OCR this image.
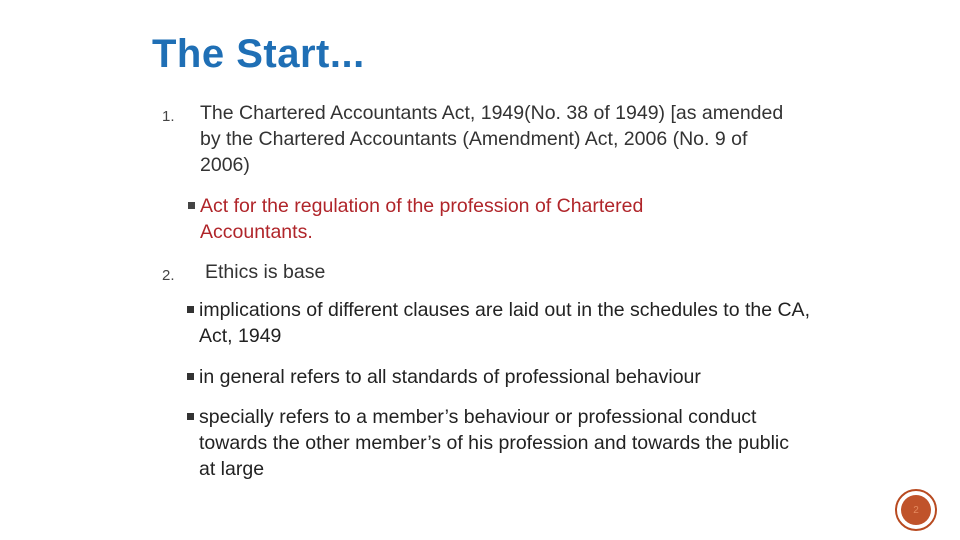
The Start...
1. The Chartered Accountants Act, 1949(No. 38 of 1949) [as amended by the Chartered Accountants (Amendment) Act, 2006 (No. 9 of 2006)
Act for the regulation of the profession of Chartered Accountants.
2. Ethics is base
implications of different clauses are laid out in the schedules to the CA, Act, 1949
in general refers to all standards of professional behaviour
specially refers to a member’s behaviour or professional conduct towards the other member’s of his profession and towards the public at large
2
